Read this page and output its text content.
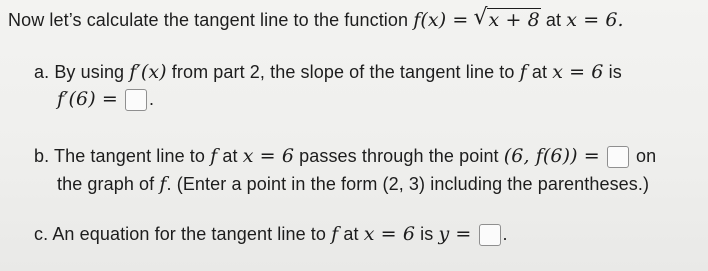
Now let’s calculate the tangent line to the function f(x) = √ x + 8 at x = 6.
a. By using f′(x) from part 2, the slope of the tangent line to f at x = 6 is
f′(6) = .
b. The tangent line to f at x = 6 passes through the point (6, f(6)) = on
the graph of f. (Enter a point in the form (2, 3) including the parentheses.)
c. An equation for the tangent line to f at x = 6 is y = .
